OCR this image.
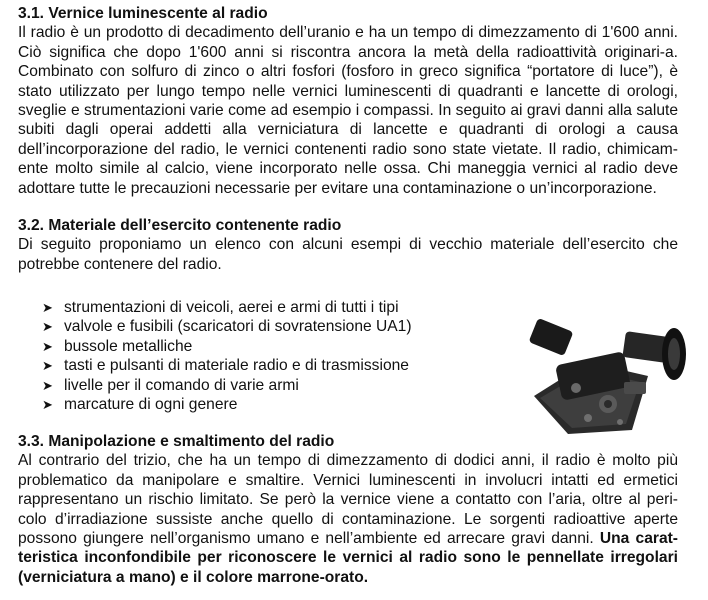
3.1. Vernice luminescente al radio

Il radio è un prodotto di decadimento dell’uranio e ha un tempo di dimezzamento di 1'600 anni. Ciò significa che dopo 1'600 anni si riscontra ancora la metà della radioattività originari-a. Combinato con solfuro di zinco o altri fosfori (fosforo in greco significa “portatore di luce”), è stato utilizzato per lungo tempo nelle vernici luminescenti di quadranti e lancette di orologi, sveglie e strumentazioni varie come ad esempio i compassi. In seguito ai gravi danni alla salute subiti dagli operai addetti alla verniciatura di lancette e quadranti di orologi a causa dell’incorporazione del radio, le vernici contenenti radio sono state vietate. Il radio, chimicam-ente molto simile al calcio, viene incorporato nelle ossa. Chi maneggia vernici al radio deve adottare tutte le precauzioni necessarie per evitare una contaminazione o un’incorporazione.

3.2. Materiale dell’esercito contenente radio

Di seguito proponiamo un elenco con alcuni esempi di vecchio materiale dell’esercito che potrebbe contenere del radio.

➤ strumentazioni di veicoli, aerei e armi di tutti i tipi
➤ valvole e fusibili (scaricatori di sovratensione UA1)
➤ bussole metalliche
➤ tasti e pulsanti di materiale radio e di trasmissione
➤ livelle per il comando di varie armi
➤ marcature di ogni genere
3.3. Manipolazione e smaltimento del radio

Al contrario del trizio, che ha un tempo di dimezzamento di dodici anni, il radio è molto più problematico da manipolare e smaltire. Vernici luminescenti in involucri intatti ed ermetici rappresentano un rischio limitato. Se però la vernice viene a contatto con l’aria, oltre al peri-colo d’irradiazione sussiste anche quello di contaminazione. Le sorgenti radioattive aperte possono giungere nell’organismo umano e nell’ambiente ed arrecare gravi danni. Una carat-teristica inconfondibile per riconoscere le vernici al radio sono le pennellate irregolari (verniciatura a mano) e il colore marrone-orato.
